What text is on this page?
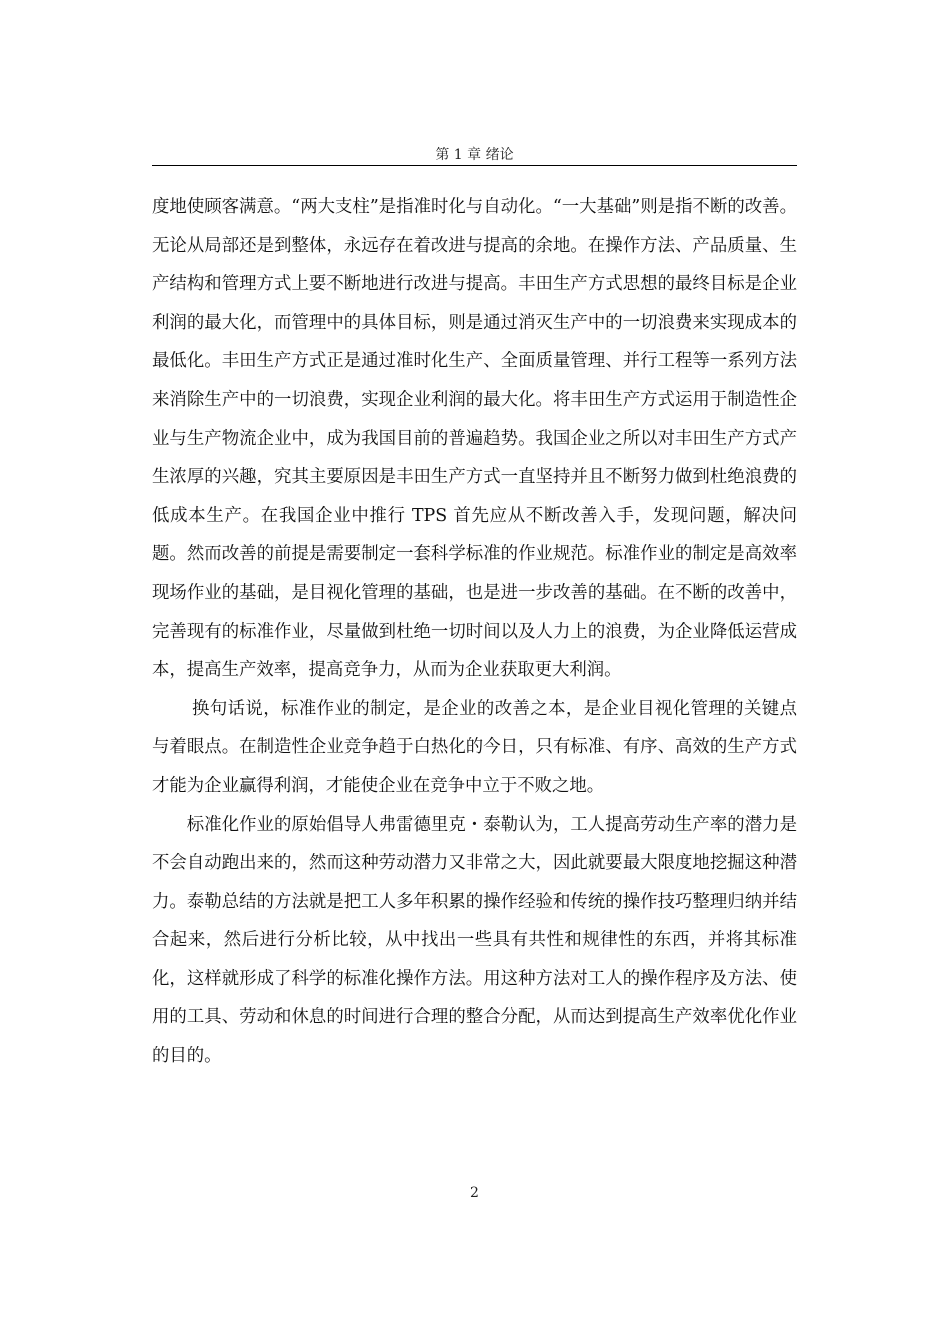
第 1 章 绪论

度地使顾客满意。“两大支柱”是指准时化与自动化。“一大基础”则是指不断的改善。无论从局部还是到整体，永远存在着改进与提高的余地。在操作方法、产品质量、生产结构和管理方式上要不断地进行改进与提高。丰田生产方式思想的最终目标是企业利润的最大化，而管理中的具体目标，则是通过消灭生产中的一切浪费来实现成本的最低化。丰田生产方式正是通过准时化生产、全面质量管理、并行工程等一系列方法来消除生产中的一切浪费，实现企业利润的最大化。将丰田生产方式运用于制造性企业与生产物流企业中，成为我国目前的普遍趋势。我国企业之所以对丰田生产方式产生浓厚的兴趣，究其主要原因是丰田生产方式一直坚持并且不断努力做到杜绝浪费的低成本生产。在我国企业中推行 TPS 首先应从不断改善入手，发现问题，解决问题。然而改善的前提是需要制定一套科学标准的作业规范。标准作业的制定是高效率现场作业的基础，是目视化管理的基础，也是进一步改善的基础。在不断的改善中，完善现有的标准作业，尽量做到杜绝一切时间以及人力上的浪费，为企业降低运营成本，提高生产效率，提高竞争力，从而为企业获取更大利润。

换句话说，标准作业的制定，是企业的改善之本，是企业目视化管理的关键点与着眼点。在制造性企业竞争趋于白热化的今日，只有标准、有序、高效的生产方式才能为企业赢得利润，才能使企业在竞争中立于不败之地。

标准化作业的原始倡导人弗雷德里克・泰勒认为，工人提高劳动生产率的潜力是不会自动跑出来的，然而这种劳动潜力又非常之大，因此就要最大限度地挖掘这种潜力。泰勒总结的方法就是把工人多年积累的操作经验和传统的操作技巧整理归纳并结合起来，然后进行分析比较，从中找出一些具有共性和规律性的东西，并将其标准化，这样就形成了科学的标准化操作方法。用这种方法对工人的操作程序及方法、使用的工具、劳动和休息的时间进行合理的整合分配，从而达到提高生产效率优化作业的目的。

2
